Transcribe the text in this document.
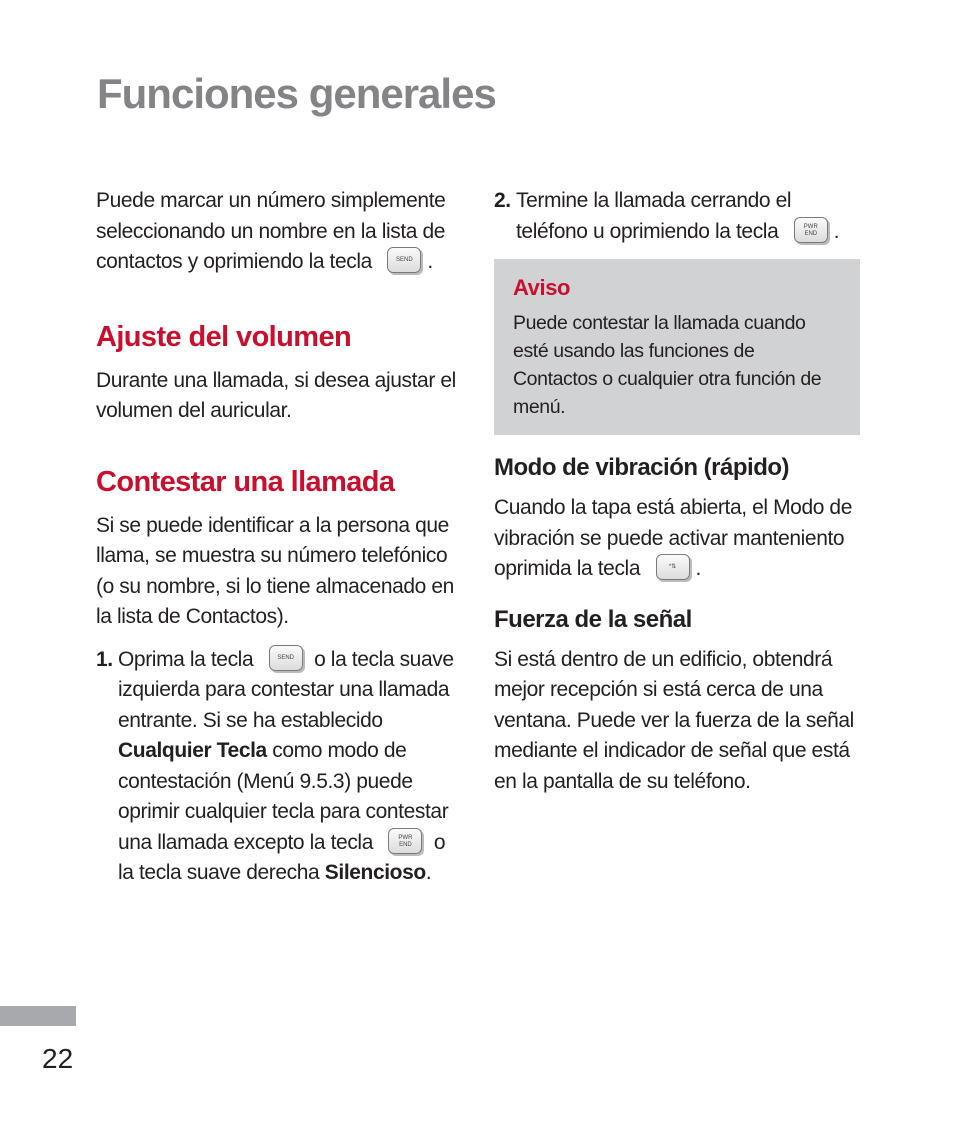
Funciones generales

Puede marcar un número simplemente seleccionando un nombre en la lista de contactos y oprimiendo la tecla	SEND .

Ajuste del volumen

Durante una llamada, si desea ajustar el volumen del auricular.

Contestar una llamada

Si se puede identificar a la persona que llama, se muestra su número telefónico (o su nombre, si lo tiene almacenado en la lista de Contactos).

1. Oprima la tecla	SEND o la tecla suave izquierda para contestar una llamada entrante. Si se ha establecido Cualquier Tecla como modo de contestación (Menú 9.5.3) puede oprimir cualquier tecla para contestar una llamada excepto la tecla	PWR
END	o la tecla suave derecha Silencioso.

2. Termine la llamada cerrando el teléfono u oprimiendo la tecla	PWR
END .

Aviso

Puede contestar la llamada cuando esté usando las funciones de Contactos o cualquier otra función de menú.

Modo de vibración (rápido)

Cuando la tapa está abierta, el Modo de vibración se puede activar manteniento oprimida la tecla	*⇅ .

Fuerza de la señal

Si está dentro de un edificio, obtendrá mejor recepción si está cerca de una ventana. Puede ver la fuerza de la señal mediante el indicador de señal que está en la pantalla de su teléfono.

22
